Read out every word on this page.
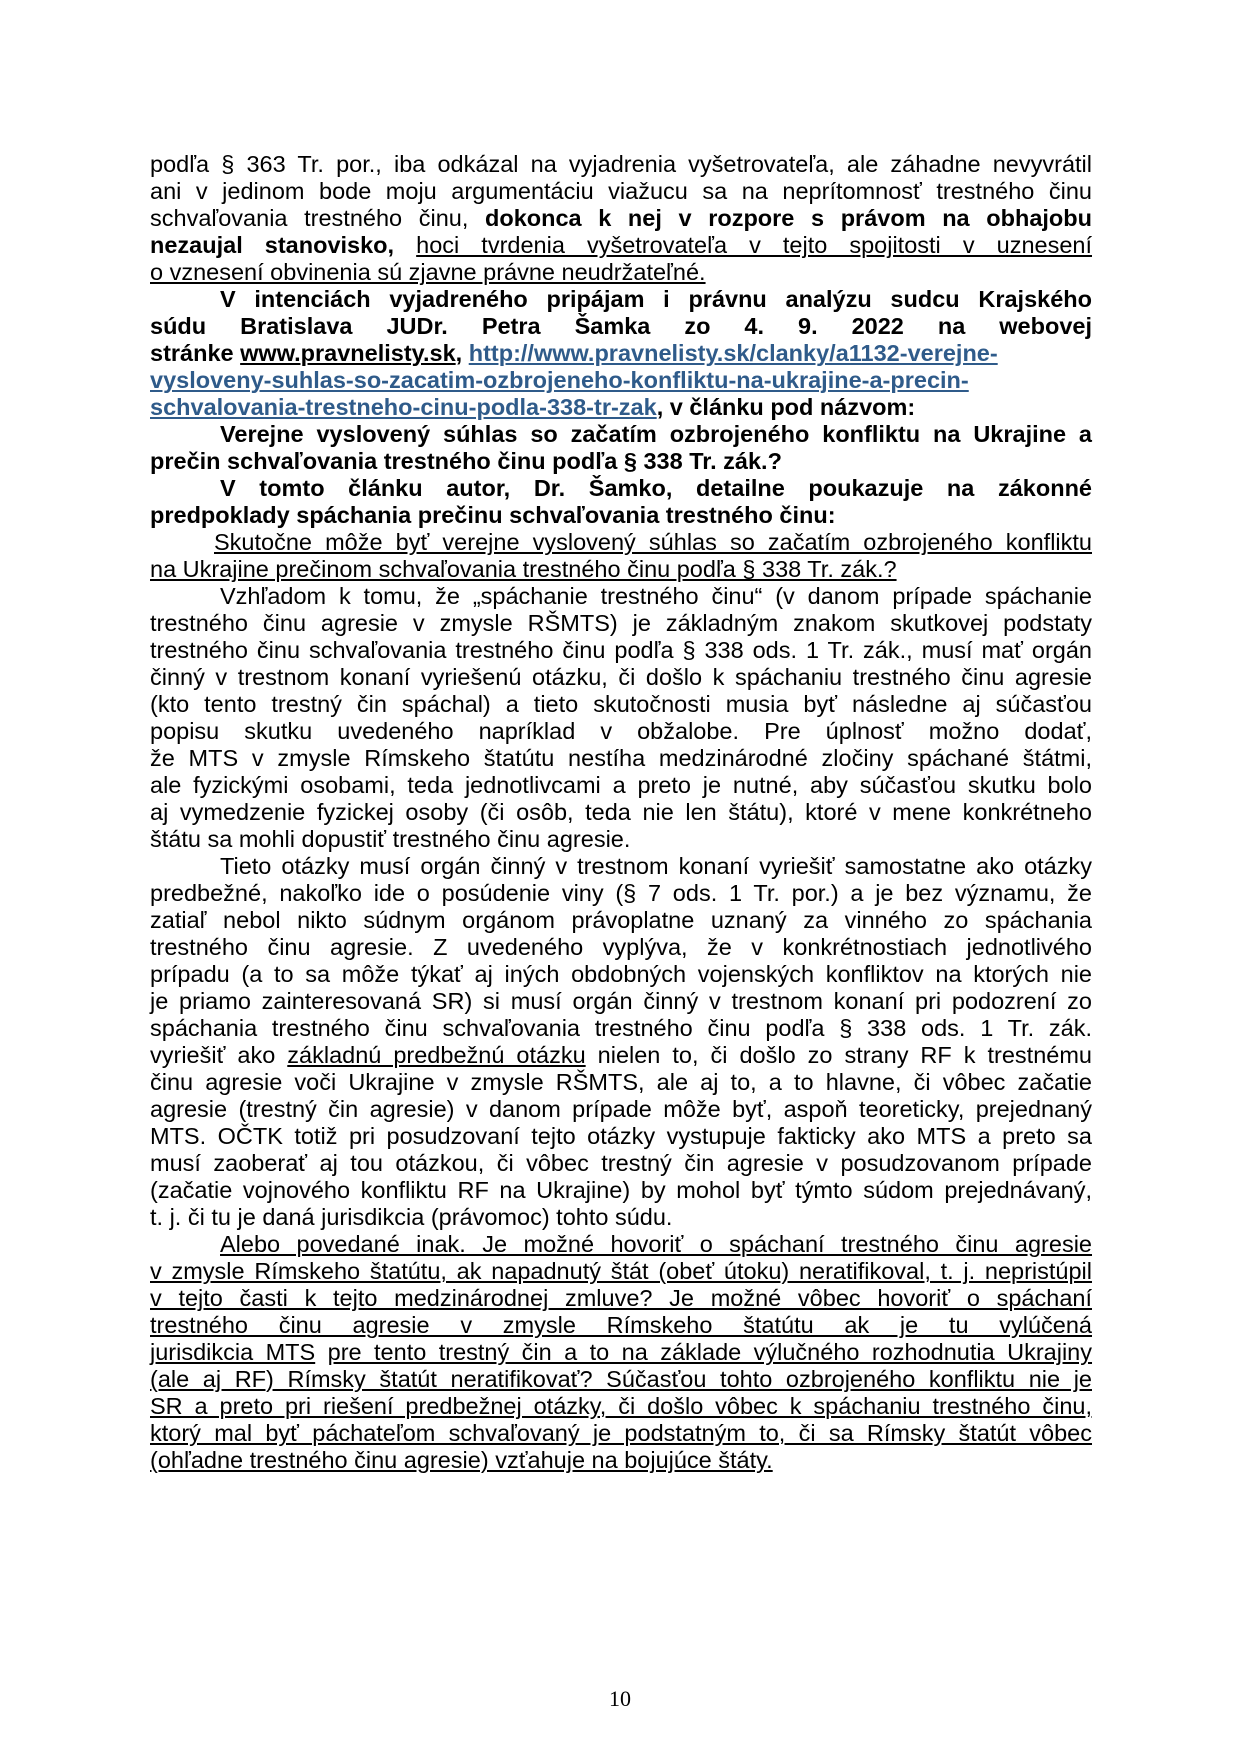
podľa § 363 Tr. por., iba odkázal na vyjadrenia vyšetrovateľa, ale záhadne nevyvrátil
ani v jedinom bode moju argumentáciu viažucu sa na neprítomnosť trestného činu
schvaľovania trestného činu, dokonca k nej v rozpore s právom na obhajobu
nezaujal stanovisko, hoci tvrdenia vyšetrovateľa v tejto spojitosti v uznesení
o vznesení obvinenia sú zjavne právne neudržateľné.
V intenciách vyjadreného pripájam i právnu analýzu sudcu Krajského
súdu Bratislava JUDr. Petra Šamka zo 4. 9. 2022 na webovej
stránke www.pravnelisty.sk, http://www.pravnelisty.sk/clanky/a1132-verejne-
vysloveny-suhlas-so-zacatim-ozbrojeneho-konfliktu-na-ukrajine-a-precin-
schvalovania-trestneho-cinu-podla-338-tr-zak, v článku pod názvom:
Verejne vyslovený súhlas so začatím ozbrojeného konfliktu na Ukrajine a
prečin schvaľovania trestného činu podľa § 338 Tr. zák.?
V tomto článku autor, Dr. Šamko, detailne poukazuje na zákonné
predpoklady spáchania prečinu schvaľovania trestného činu:
Skutočne môže byť verejne vyslovený súhlas so začatím ozbrojeného konfliktu
na Ukrajine prečinom schvaľovania trestného činu podľa § 338 Tr. zák.?
Vzhľadom k tomu, že „spáchanie trestného činu“ (v danom prípade spáchanie
trestného činu agresie v zmysle RŠMTS) je základným znakom skutkovej podstaty
trestného činu schvaľovania trestného činu podľa § 338 ods. 1 Tr. zák., musí mať orgán
činný v trestnom konaní vyriešenú otázku, či došlo k spáchaniu trestného činu agresie
(kto tento trestný čin spáchal) a tieto skutočnosti musia byť následne aj súčasťou
popisu skutku uvedeného napríklad v obžalobe. Pre úplnosť možno dodať,
že MTS v zmysle Rímskeho štatútu nestíha medzinárodné zločiny spáchané štátmi,
ale fyzickými osobami, teda jednotlivcami a preto je nutné, aby súčasťou skutku bolo
aj vymedzenie fyzickej osoby (či osôb, teda nie len štátu), ktoré v mene konkrétneho
štátu sa mohli dopustiť trestného činu agresie.
Tieto otázky musí orgán činný v trestnom konaní vyriešiť samostatne ako otázky
predbežné, nakoľko ide o posúdenie viny (§ 7 ods. 1 Tr. por.) a je bez významu, že
zatiaľ nebol nikto súdnym orgánom právoplatne uznaný za vinného zo spáchania
trestného činu agresie. Z uvedeného vyplýva, že v konkrétnostiach jednotlivého
prípadu (a to sa môže týkať aj iných obdobných vojenských konfliktov na ktorých nie
je priamo zainteresovaná SR) si musí orgán činný v trestnom konaní pri podozrení zo
spáchania trestného činu schvaľovania trestného činu podľa § 338 ods. 1 Tr. zák.
vyriešiť ako základnú predbežnú otázku nielen to, či došlo zo strany RF k trestnému
činu agresie voči Ukrajine v zmysle RŠMTS, ale aj to, a to hlavne, či vôbec začatie
agresie (trestný čin agresie) v danom prípade môže byť, aspoň teoreticky, prejednaný
MTS. OČTK totiž pri posudzovaní tejto otázky vystupuje fakticky ako MTS a preto sa
musí zaoberať aj tou otázkou, či vôbec trestný čin agresie v posudzovanom prípade
(začatie vojnového konfliktu RF na Ukrajine) by mohol byť týmto súdom prejednávaný,
t. j. či tu je daná jurisdikcia (právomoc) tohto súdu.
Alebo povedané inak. Je možné hovoriť o spáchaní trestného činu agresie
v zmysle Rímskeho štatútu, ak napadnutý štát (obeť útoku) neratifikoval, t. j. nepristúpil
v tejto časti k tejto medzinárodnej zmluve? Je možné vôbec hovoriť o spáchaní
trestného činu agresie v zmysle Rímskeho štatútu ak je tu vylúčená
jurisdikcia MTS pre tento trestný čin a to na základe výlučného rozhodnutia Ukrajiny
(ale aj RF) Rímsky štatút neratifikovať? Súčasťou tohto ozbrojeného konfliktu nie je
SR a preto pri riešení predbežnej otázky, či došlo vôbec k spáchaniu trestného činu,
ktorý mal byť páchateľom schvaľovaný je podstatným to, či sa Rímsky štatút vôbec
(ohľadne trestného činu agresie) vzťahuje na bojujúce štáty.
10
